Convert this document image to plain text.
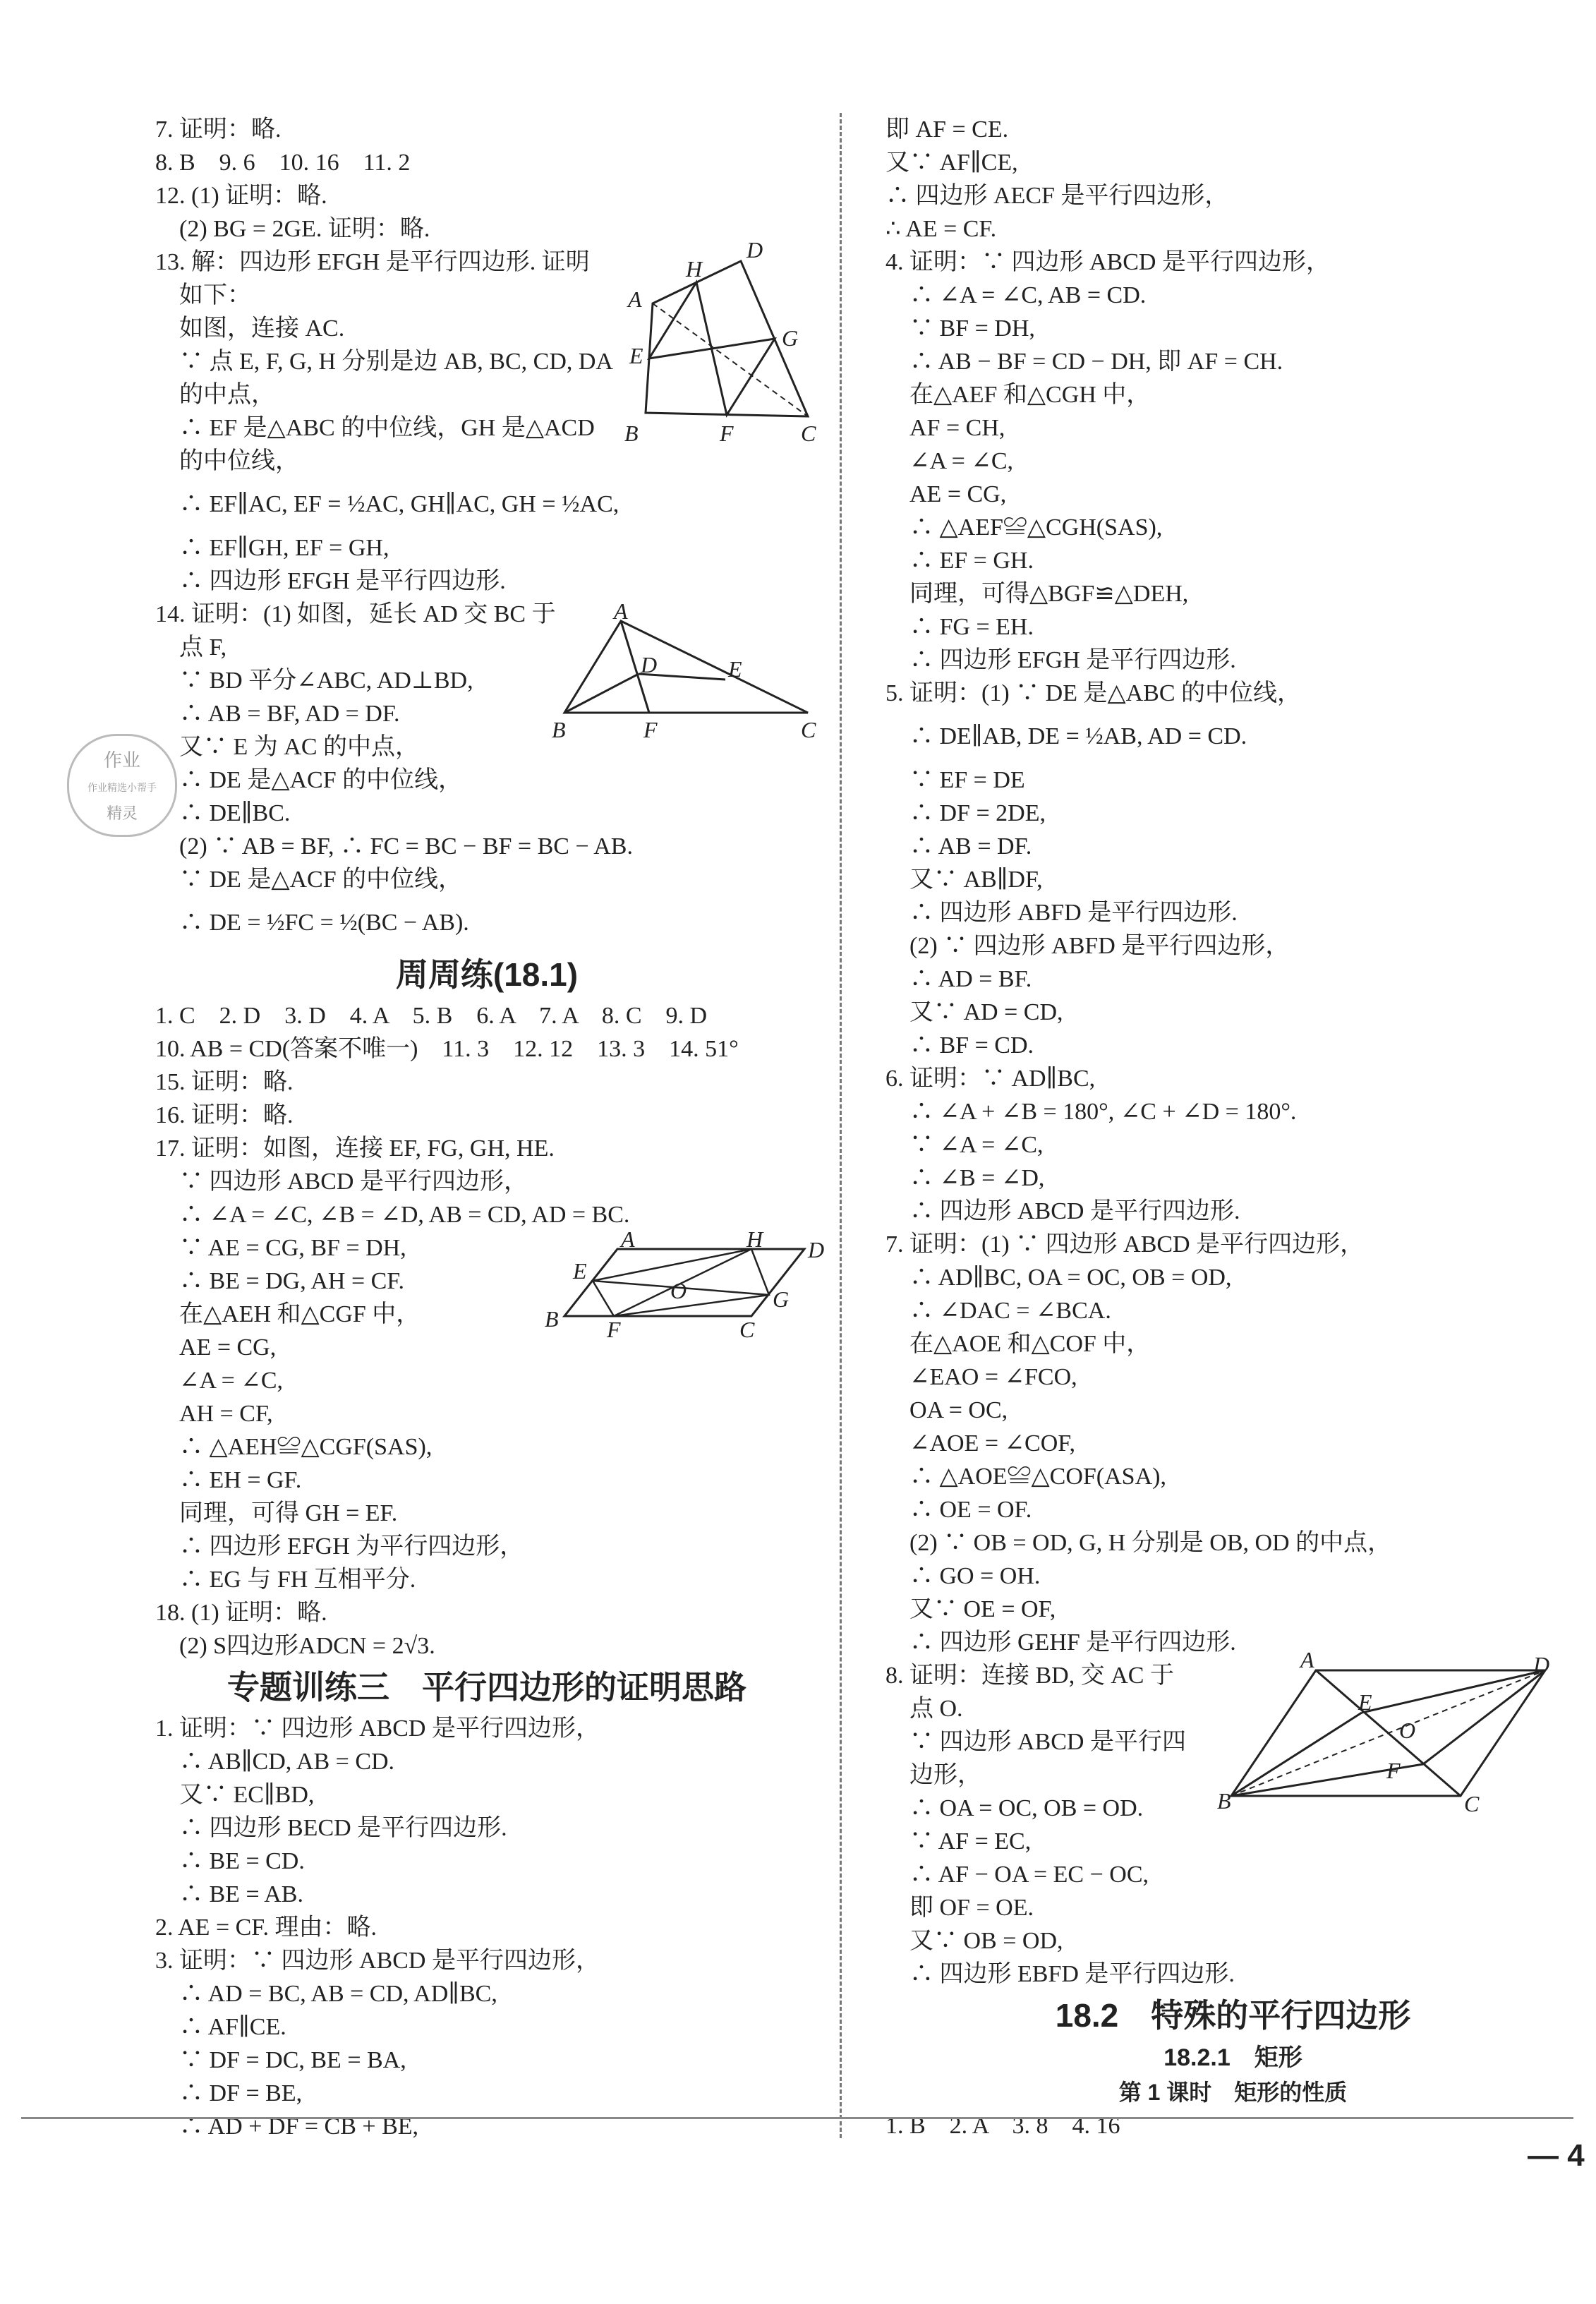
7. 证明：略.
8. B　9. 6　10. 16　11. 2
12. (1) 证明：略.
　(2) BG = 2GE. 证明：略.
13. 解：四边形 EFGH 是平行四边形. 证明
　如下：
　如图，连接 AC.
　∵ 点 E, F, G, H 分别是边 AB, BC, CD, DA
　的中点，
　∴ EF 是△ABC 的中位线，GH 是△ACD
　的中位线，
　∴ EF∥AC, EF = ½AC, GH∥AC, GH = ½AC,
　∴ EF∥GH, EF = GH,
　∴ 四边形 EFGH 是平行四边形.
14. 证明：(1) 如图，延长 AD 交 BC 于
　点 F,
　∵ BD 平分∠ABC, AD⊥BD,
　∴ AB = BF, AD = DF.
　又∵ E 为 AC 的中点，
　∴ DE 是△ACF 的中位线，
　∴ DE∥BC.
　(2) ∵ AB = BF, ∴ FC = BC − BF = BC − AB.
　∵ DE 是△ACF 的中位线，
　∴ DE = ½FC = ½(BC − AB).
周周练(18.1)
1. C　2. D　3. D　4. A　5. B　6. A　7. A　8. C　9. D
10. AB = CD(答案不唯一)　11. 3　12. 12　13. 3　14. 51°
15. 证明：略.
16. 证明：略.
17. 证明：如图，连接 EF, FG, GH, HE.
　∵ 四边形 ABCD 是平行四边形，
　∴ ∠A = ∠C, ∠B = ∠D, AB = CD, AD = BC.
　∵ AE = CG, BF = DH,
　∴ BE = DG, AH = CF.
　在△AEH 和△CGF 中，
　AE = CG,
　∠A = ∠C,
　AH = CF,
　∴ △AEH≌△CGF(SAS),
　∴ EH = GF.
　同理，可得 GH = EF.
　∴ 四边形 EFGH 为平行四边形，
　∴ EG 与 FH 互相平分.
18. (1) 证明：略.
　(2) S四边形ADCN = 2√3.
专题训练三　平行四边形的证明思路
1. 证明：∵ 四边形 ABCD 是平行四边形，
　∴ AB∥CD, AB = CD.
　又∵ EC∥BD,
　∴ 四边形 BECD 是平行四边形.
　∴ BE = CD.
　∴ BE = AB.
2. AE = CF. 理由：略.
3. 证明：∵ 四边形 ABCD 是平行四边形，
　∴ AD = BC, AB = CD, AD∥BC,
　∴ AF∥CE.
　∵ DF = DC, BE = BA,
　∴ DF = BE,
　∴ AD + DF = CB + BE,
即 AF = CE.
又∵ AF∥CE,
∴ 四边形 AECF 是平行四边形，
∴ AE = CF.
4. 证明：∵ 四边形 ABCD 是平行四边形，
　∴ ∠A = ∠C, AB = CD.
　∵ BF = DH,
　∴ AB − BF = CD − DH, 即 AF = CH.
　在△AEF 和△CGH 中，
　AF = CH,
　∠A = ∠C,
　AE = CG,
　∴ △AEF≌△CGH(SAS),
　∴ EF = GH.
　同理，可得△BGF≌△DEH,
　∴ FG = EH.
　∴ 四边形 EFGH 是平行四边形.
5. 证明：(1) ∵ DE 是△ABC 的中位线，
　∴ DE∥AB, DE = ½AB, AD = CD.
　∵ EF = DE
　∴ DF = 2DE,
　∴ AB = DF.
　又∵ AB∥DF,
　∴ 四边形 ABFD 是平行四边形.
　(2) ∵ 四边形 ABFD 是平行四边形，
　∴ AD = BF.
　又∵ AD = CD,
　∴ BF = CD.
6. 证明：∵ AD∥BC,
　∴ ∠A + ∠B = 180°, ∠C + ∠D = 180°.
　∵ ∠A = ∠C,
　∴ ∠B = ∠D,
　∴ 四边形 ABCD 是平行四边形.
7. 证明：(1) ∵ 四边形 ABCD 是平行四边形，
　∴ AD∥BC, OA = OC, OB = OD,
　∴ ∠DAC = ∠BCA.
　在△AOE 和△COF 中，
　∠EAO = ∠FCO,
　OA = OC,
　∠AOE = ∠COF,
　∴ △AOE≌△COF(ASA),
　∴ OE = OF.
　(2) ∵ OB = OD, G, H 分别是 OB, OD 的中点，
　∴ GO = OH.
　又∵ OE = OF,
　∴ 四边形 GEHF 是平行四边形.
8. 证明：连接 BD, 交 AC 于
　点 O.
　∵ 四边形 ABCD 是平行四
　边形，
　∴ OA = OC, OB = OD.
　∵ AF = EC,
　∴ AF − OA = EC − OC,
　即 OF = OE.
　又∵ OB = OD,
　∴ 四边形 EBFD 是平行四边形.
18.2　特殊的平行四边形
18.2.1　矩形
第 1 课时　矩形的性质
1. B　2. A　3. 8　4. 16
A
D
H
E
G
B	F	C
A
D	E
B	F	C
A	H D
E
O	G
B F	C
A	D
E
O
F
B	C
作业
作业精选小帮手
精灵
— 4
